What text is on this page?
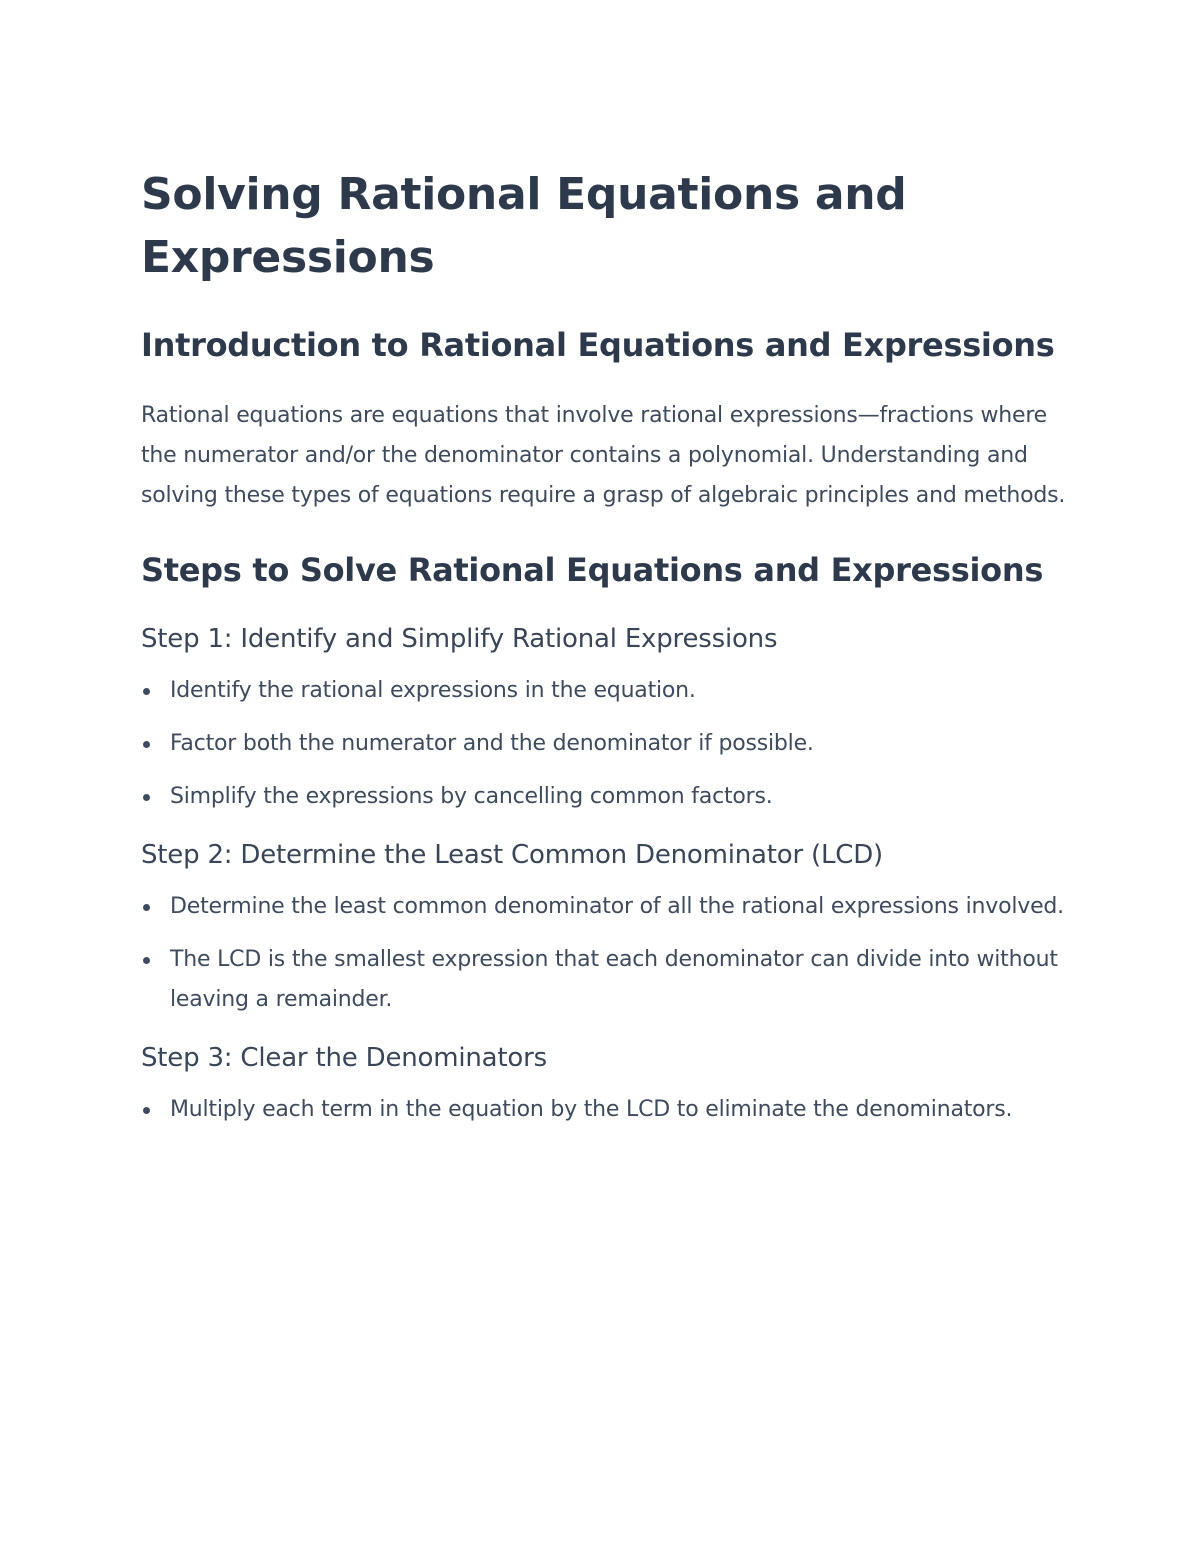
Solving Rational Equations and Expressions
Introduction to Rational Equations and Expressions

Rational equations are equations that involve rational expressions—fractions where the numerator and/or the denominator contains a polynomial. Understanding and solving these types of equations require a grasp of algebraic principles and methods.

Steps to Solve Rational Equations and Expressions
Step 1: Identify and Simplify Rational Expressions
Identify the rational expressions in the equation.
Factor both the numerator and the denominator if possible.
Simplify the expressions by cancelling common factors.
Step 2: Determine the Least Common Denominator (LCD)
Determine the least common denominator of all the rational expressions involved.
The LCD is the smallest expression that each denominator can divide into without leaving a remainder.
Step 3: Clear the Denominators
Multiply each term in the equation by the LCD to eliminate the denominators.
